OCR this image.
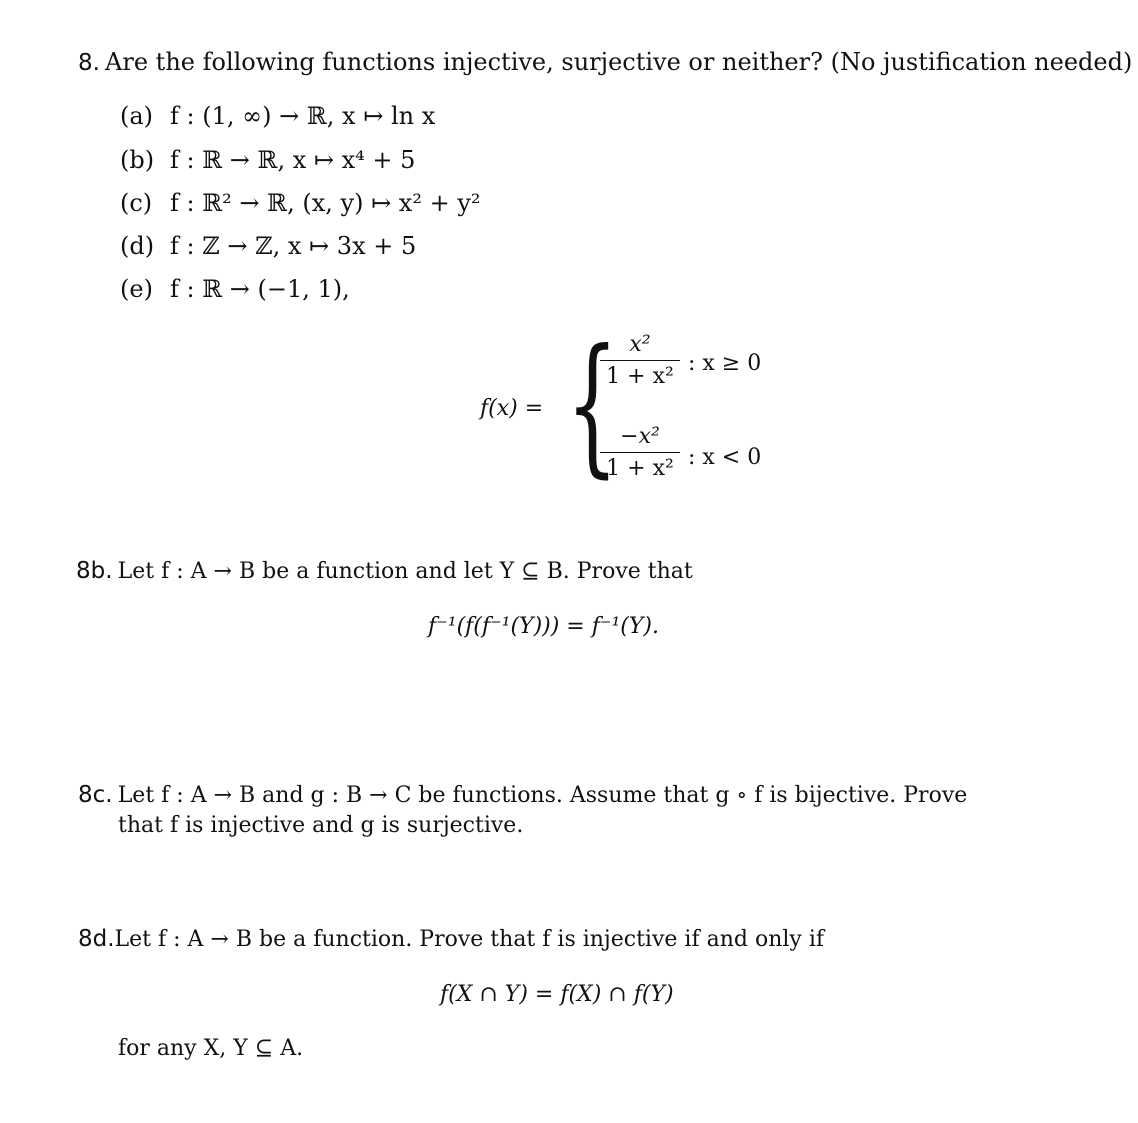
8. Are the following functions injective, surjective or neither? (No justification needed)
(a) f : (1, ∞) → ℝ, x ↦ ln x
(b) f : ℝ → ℝ, x ↦ x⁴ + 5
(c) f : ℝ² → ℝ, (x, y) ↦ x² + y²
(d) f : ℤ → ℤ, x ↦ 3x + 5
(e) f : ℝ → (−1, 1),
f(x) = { x²
1 + x²
: x ≥ 0
−x²
1 + x² : x < 0
8b. Let f : A → B be a function and let Y ⊆ B. Prove that
f⁻¹(f(f⁻¹(Y))) = f⁻¹(Y).
8c. Let f : A → B and g : B → C be functions. Assume that g ∘ f is bijective. Prove
that f is injective and g is surjective.
8d.Let f : A → B be a function. Prove that f is injective if and only if
f(X ∩ Y) = f(X) ∩ f(Y)
for any X, Y ⊆ A.
